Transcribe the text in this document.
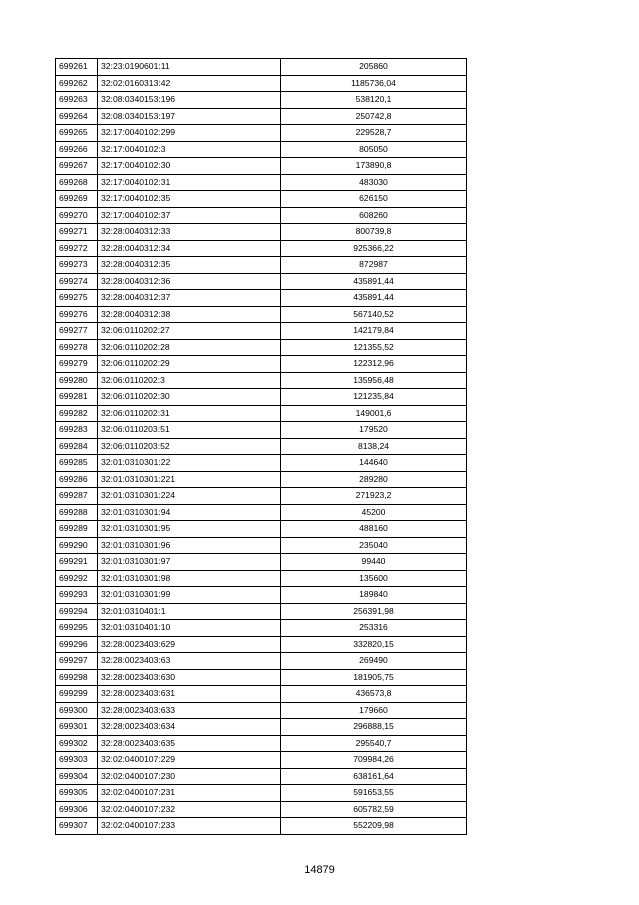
699261	32:23:0190601:11	205860
699262	32:02:0160313:42	1185736,04
699263	32:08:0340153:196	538120,1
699264	32:08:0340153:197	250742,8
699265	32:17:0040102:299	229528,7
699266	32:17:0040102:3	805050
699267	32:17:0040102:30	173890,8
699268	32:17:0040102:31	483030
699269	32:17:0040102:35	626150
699270	32:17:0040102:37	608260
699271	32:28:0040312:33	800739,8
699272	32:28:0040312:34	925366,22
699273	32:28:0040312:35	872987
699274	32:28:0040312:36	435891,44
699275	32:28:0040312:37	435891,44
699276	32:28:0040312:38	567140,52
699277	32:06:0110202:27	142179,84
699278	32:06:0110202:28	121355,52
699279	32:06:0110202:29	122312,96
699280	32:06:0110202:3	135956,48
699281	32:06:0110202:30	121235,84
699282	32:06:0110202:31	149001,6
699283	32:06:0110203:51	179520
699284	32:06:0110203:52	8138,24
699285	32:01:0310301:22	144640
699286	32:01:0310301:221	289280
699287	32:01:0310301:224	271923,2
699288	32:01:0310301:94	45200
699289	32:01:0310301:95	488160
699290	32:01:0310301:96	235040
699291	32:01:0310301:97	99440
699292	32:01:0310301:98	135600
699293	32:01:0310301:99	189840
699294	32:01:0310401:1	256391,98
699295	32:01:0310401:10	253316
699296	32:28:0023403:629	332820,15
699297	32:28:0023403:63	269490
699298	32:28:0023403:630	181905,75
699299	32:28:0023403:631	436573,8
699300	32:28:0023403:633	179660
699301	32:28:0023403:634	296888,15
699302	32:28:0023403:635	295540,7
699303	32:02:0400107:229	709984,26
699304	32:02:0400107:230	638161,64
699305	32:02:0400107:231	591653,55
699306	32:02:0400107:232	605782,59
699307	32:02:0400107:233	552209,98
14879
